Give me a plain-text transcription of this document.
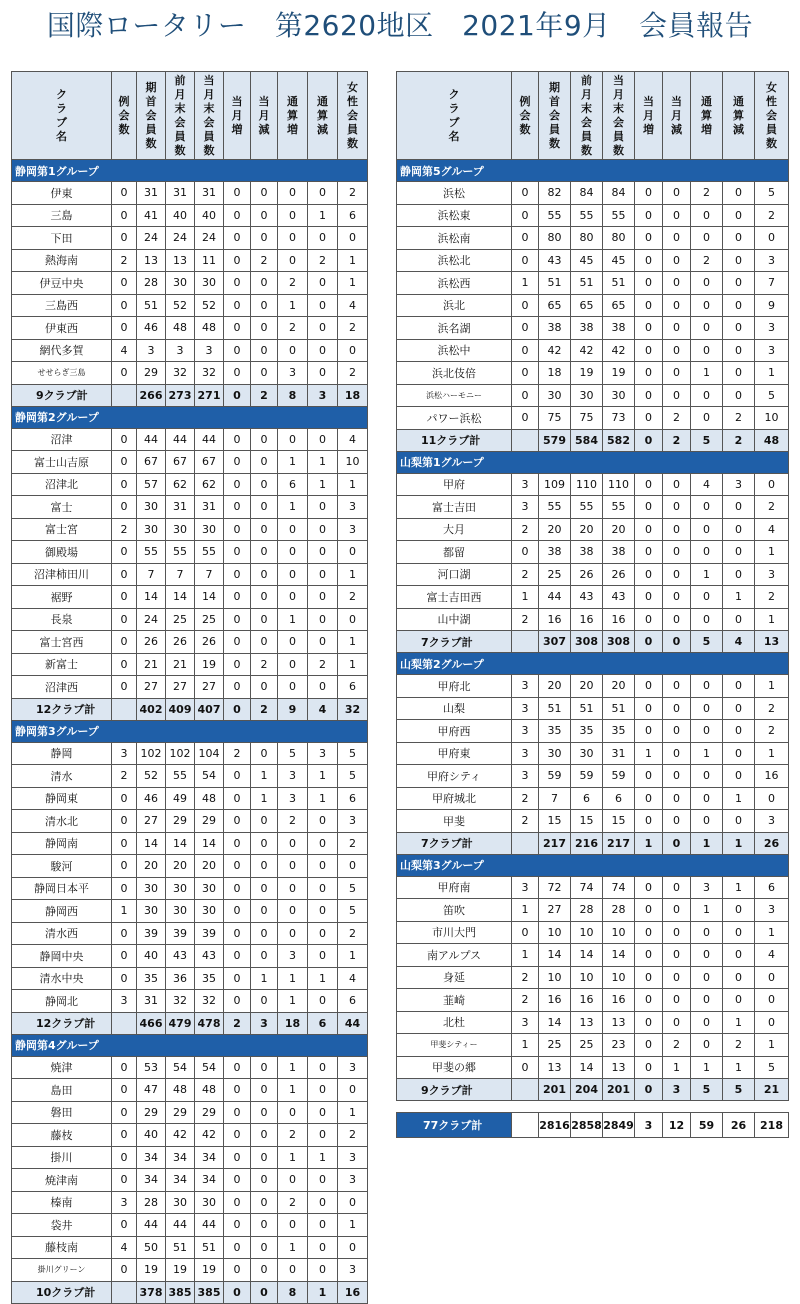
国際ロータリー　第2620地区　2021年9月　会員報告
クラブ名	例会数	期首会員数	前月末会員数	当月末会員数	当月増	当月減	通算増	通算減	女性会員数
静岡第1グループ									
伊東	0	31	31	31	0	0	0	0	2
三島	0	41	40	40	0	0	0	1	6
下田	0	24	24	24	0	0	0	0	0
熱海南	2	13	13	11	0	2	0	2	1
伊豆中央	0	28	30	30	0	0	2	0	1
三島西	0	51	52	52	0	0	1	0	4
伊東西	0	46	48	48	0	0	2	0	2
網代多賀	4	3	3	3	0	0	0	0	0
せせらぎ三島	0	29	32	32	0	0	3	0	2
9クラブ計		266	273	271	0	2	8	3	18
静岡第2グループ									
沼津	0	44	44	44	0	0	0	0	4
富士山吉原	0	67	67	67	0	0	1	1	10
沼津北	0	57	62	62	0	0	6	1	1
富士	0	30	31	31	0	0	1	0	3
富士宮	2	30	30	30	0	0	0	0	3
御殿場	0	55	55	55	0	0	0	0	0
沼津柿田川	0	7	7	7	0	0	0	0	1
裾野	0	14	14	14	0	0	0	0	2
長泉	0	24	25	25	0	0	1	0	0
富士宮西	0	26	26	26	0	0	0	0	1
新富士	0	21	21	19	0	2	0	2	1
沼津西	0	27	27	27	0	0	0	0	6
12クラブ計		402	409	407	0	2	9	4	32
静岡第3グループ									
静岡	3	102	102	104	2	0	5	3	5
清水	2	52	55	54	0	1	3	1	5
静岡東	0	46	49	48	0	1	3	1	6
清水北	0	27	29	29	0	0	2	0	3
静岡南	0	14	14	14	0	0	0	0	2
駿河	0	20	20	20	0	0	0	0	0
静岡日本平	0	30	30	30	0	0	0	0	5
静岡西	1	30	30	30	0	0	0	0	5
清水西	0	39	39	39	0	0	0	0	2
静岡中央	0	40	43	43	0	0	3	0	1
清水中央	0	35	36	35	0	1	1	1	4
静岡北	3	31	32	32	0	0	1	0	6
12クラブ計		466	479	478	2	3	18	6	44
静岡第4グループ									
焼津	0	53	54	54	0	0	1	0	3
島田	0	47	48	48	0	0	1	0	0
磐田	0	29	29	29	0	0	0	0	1
藤枝	0	40	42	42	0	0	2	0	2
掛川	0	34	34	34	0	0	1	1	3
焼津南	0	34	34	34	0	0	0	0	3
榛南	3	28	30	30	0	0	2	0	0
袋井	0	44	44	44	0	0	0	0	1
藤枝南	4	50	51	51	0	0	1	0	0
掛川グリーン	0	19	19	19	0	0	0	0	3
10クラブ計		378	385	385	0	0	8	1	16
クラブ名	例会数	期首会員数	前月末会員数	当月末会員数	当月増	当月減	通算増	通算減	女性会員数
静岡第5グループ									
浜松	0	82	84	84	0	0	2	0	5
浜松東	0	55	55	55	0	0	0	0	2
浜松南	0	80	80	80	0	0	0	0	0
浜松北	0	43	45	45	0	0	2	0	3
浜松西	1	51	51	51	0	0	0	0	7
浜北	0	65	65	65	0	0	0	0	9
浜名湖	0	38	38	38	0	0	0	0	3
浜松中	0	42	42	42	0	0	0	0	3
浜北伎倍	0	18	19	19	0	0	1	0	1
浜松ハーモニー	0	30	30	30	0	0	0	0	5
パワー浜松	0	75	75	73	0	2	0	2	10
11クラブ計		579	584	582	0	2	5	2	48
山梨第1グループ									
甲府	3	109	110	110	0	0	4	3	0
富士吉田	3	55	55	55	0	0	0	0	2
大月	2	20	20	20	0	0	0	0	4
都留	0	38	38	38	0	0	0	0	1
河口湖	2	25	26	26	0	0	1	0	3
富士吉田西	1	44	43	43	0	0	0	1	2
山中湖	2	16	16	16	0	0	0	0	1
7クラブ計		307	308	308	0	0	5	4	13
山梨第2グループ									
甲府北	3	20	20	20	0	0	0	0	1
山梨	3	51	51	51	0	0	0	0	2
甲府西	3	35	35	35	0	0	0	0	2
甲府東	3	30	30	31	1	0	1	0	1
甲府シティ	3	59	59	59	0	0	0	0	16
甲府城北	2	7	6	6	0	0	0	1	0
甲斐	2	15	15	15	0	0	0	0	3
7クラブ計		217	216	217	1	0	1	1	26
山梨第3グループ									
甲府南	3	72	74	74	0	0	3	1	6
笛吹	1	27	28	28	0	0	1	0	3
市川大門	0	10	10	10	0	0	0	0	1
南アルプス	1	14	14	14	0	0	0	0	4
身延	2	10	10	10	0	0	0	0	0
韮崎	2	16	16	16	0	0	0	0	0
北杜	3	14	13	13	0	0	0	1	0
甲斐シティー	1	25	25	23	0	2	0	2	1
甲斐の郷	0	13	14	13	0	1	1	1	5
9クラブ計		201	204	201	0	3	5	5	21
77クラブ計		2816	2858	2849	3	12	59	26	218
